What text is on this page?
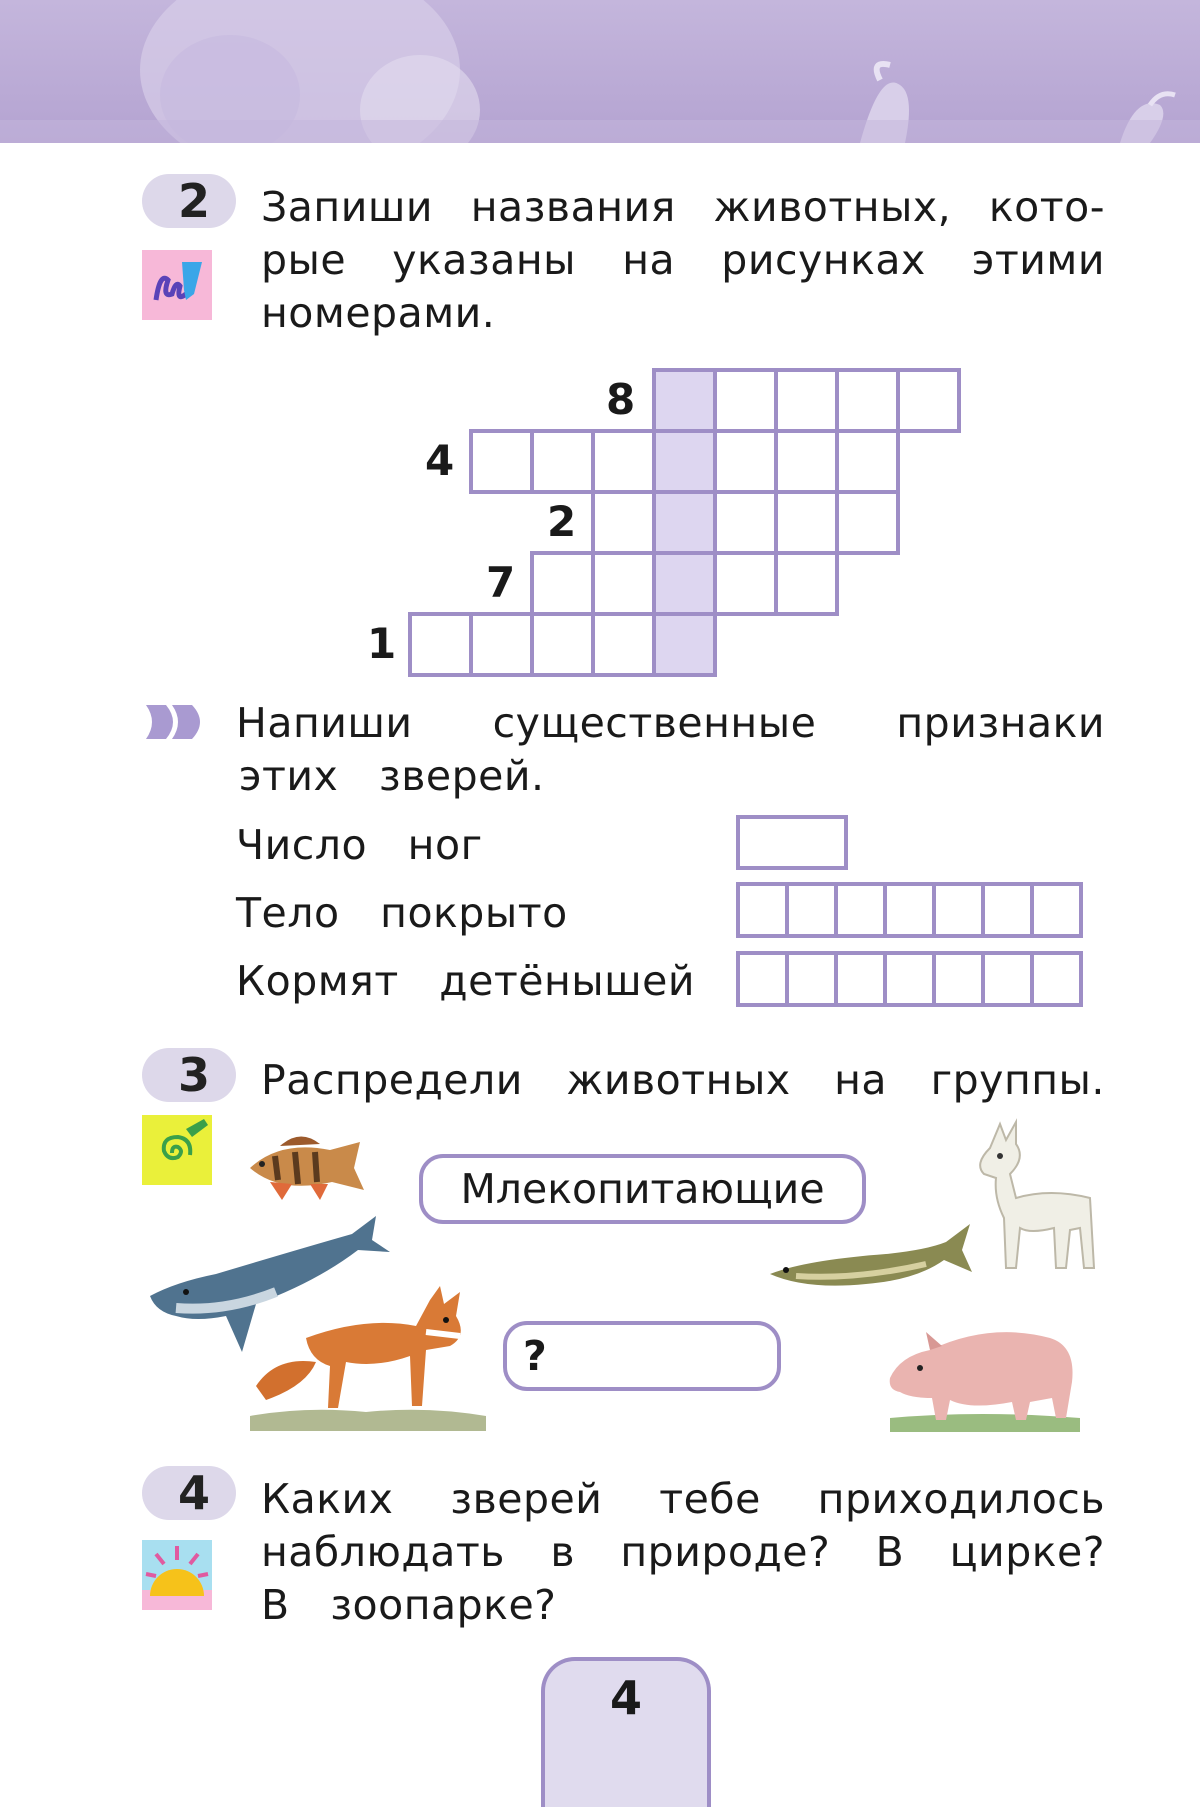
2	Запиши названия животных, кото-
рые указаны на рисунках этими
номерами.
8
4
2
7
1
Напиши существенные признаки
этих зверей.
Число   ног
Тело   покрыто
Кормят   детёнышей
3	Распредели животных на группы.
Млекопитающие
?
4	Каких зверей тебе приходилось
наблюдать в природе? В цирке?
В зоопарке?
4
